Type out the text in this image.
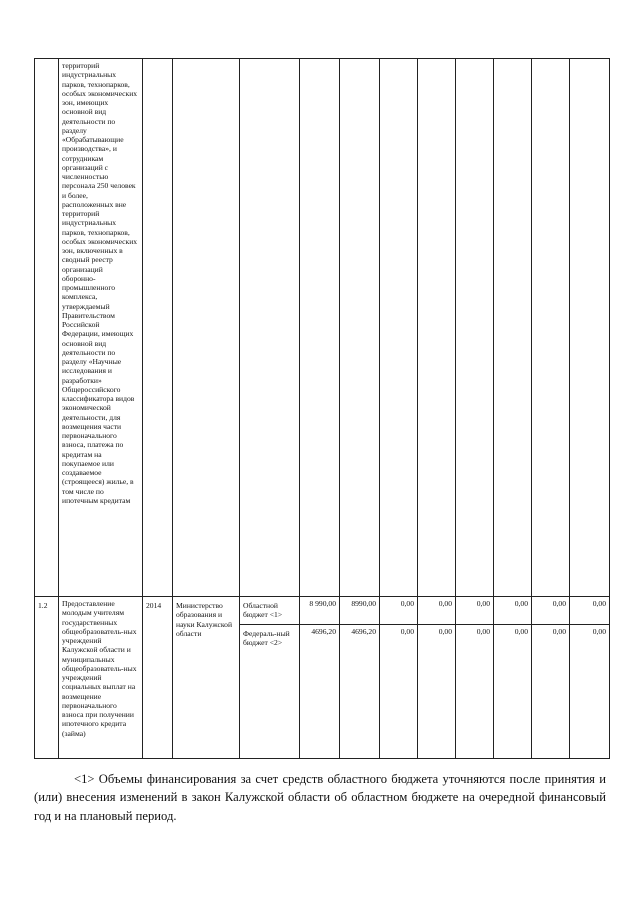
	территорий индустриальных парков, технопарков, особых экономических зон, имеющих основной вид деятельности по разделу «Обрабатывающие производства», и сотрудникам организаций с численностью персонала 250 человек и более, расположенных вне территорий индустриальных парков, технопарков, особых экономических зон, включенных в сводный реестр организаций оборонно-промышленного комплекса, утверждаемый Правительством Российской Федерации, имеющих основной вид деятельности по разделу «Научные исследования и разработки» Общероссийского классификатора видов экономической деятельности, для возмещения части первоначального взноса, платежа по кредитам на покупаемое или создаваемое (строящееся) жилье, в том числе по ипотечным кредитам											

1.2	Предоставление молодым учителям государственных общеобразователь-ных учреждений Калужской области и муниципальных общеобразователь-ных учреждений социальных выплат на возмещение первоначального взноса при получении ипотечного кредита (займа)	2014	Министерство образования и науки Калужской области	Областной бюджет <1>	8 990,00	8990,00	0,00	0,00	0,00	0,00	0,00	0,00
				Федераль-ный бюджет <2>	4696,20	4696,20	0,00	0,00	0,00	0,00	0,00	0,00
<1> Объемы финансирования за счет средств областного бюджета уточняются после принятия и (или) внесения изменений в закон Калужской области об областном бюджете на очередной финансовый год и на плановый период.
